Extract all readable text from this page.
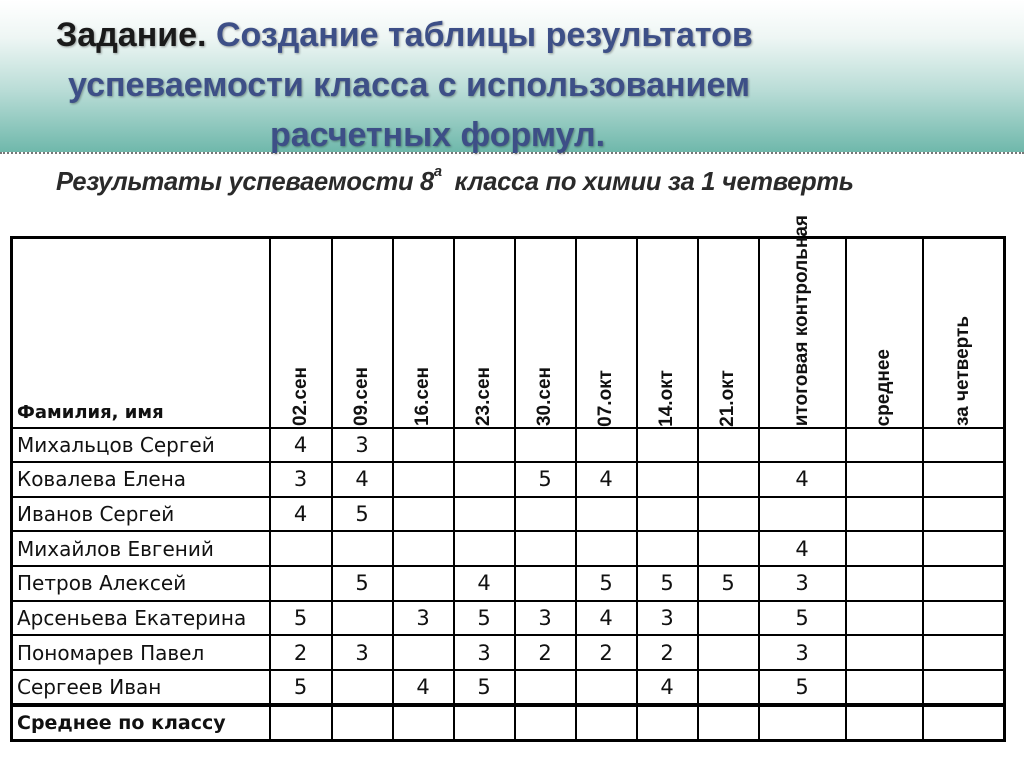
Задание. Создание таблицы результатов
успеваемости класса с использованием
расчетных формул.
Результаты успеваемости $8^а$ класса по химии за 1 четверть
Фамилия, имя	02.сен	09.сен	16.сен	23.сен	30.сен	07.окт	14.окт	21.окт	итоговая контрольная	среднее	за четверть

Михальцов Сергей	4	3									
Ковалева Елена	3	4			5	4			4		
Иванов Сергей	4	5									
Михайлов Евгений									4		
Петров Алексей		5		4		5	5	5	3		
Арсеньева Екатерина	5		3	5	3	4	3		5		
Пономарев Павел	2	3		3	2	2	2		3		
Сергеев Иван	5		4	5			4		5		
Среднее по классу											
